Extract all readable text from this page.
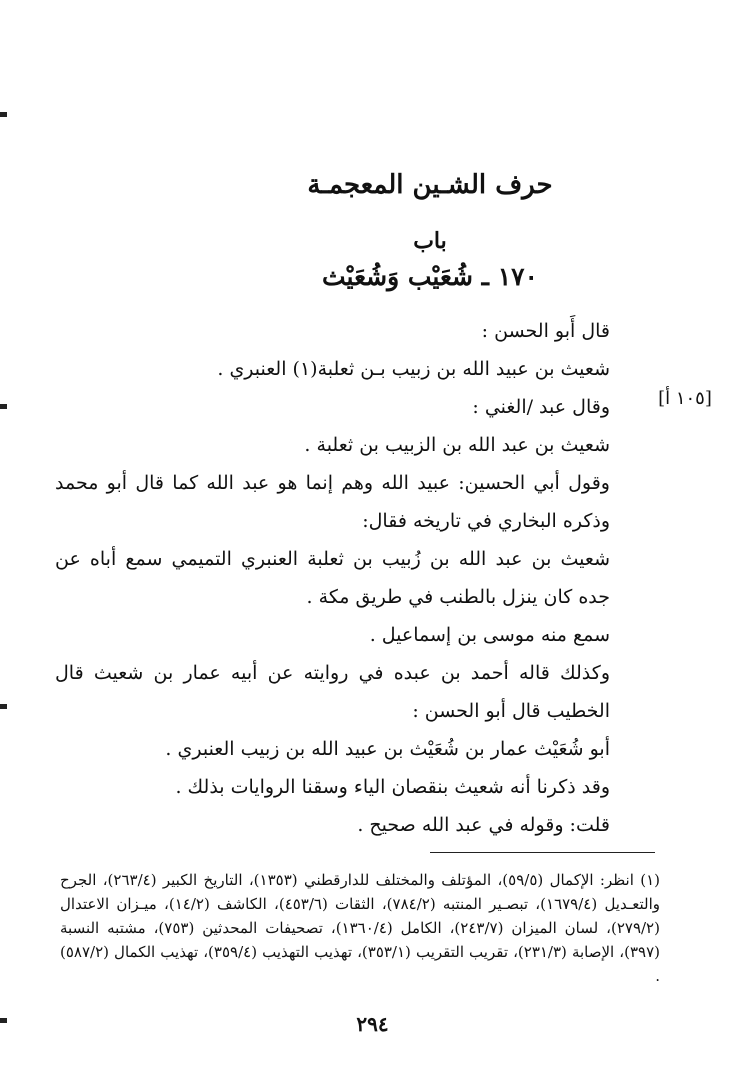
حرف الشـين المعجمـة
باب
١٧٠ ـ شُعَيْب وَشُعَيْث
[١٠٥ أ]

قال أَبو الحسن :

شعيث بن عبيد الله بن زبيب بـن ثعلبة(١) العنبري .

وقال عبد /الغني :

شعيث بن عبد الله بن الزبيب بن ثعلبة .

وقول أبي الحسين: عبيد الله وهم إنما هو عبد الله كما قال أبو محمد وذكره البخاري في تاريخه فقال:

شعيث بن عبد الله بن زُبيب بن ثعلبة العنبري التميمي سمع أباه عن جده كان ينزل بالطنب في طريق مكة .

سمع منه موسى بن إسماعيل .

وكذلك قاله أحمد بن عبده في روايته عن أبيه عمار بن شعيث قال الخطيب قال أبو الحسن :

أبو شُعَيْث عمار بن شُعَيْث بن عبيد الله بن زبيب العنبري .

وقد ذكرنا أنه شعيث بنقصان الياء وسقنا الروايات بذلك .

قلت: وقوله في عبد الله صحيح .

(١) انظر: الإكمال (٥٩/٥)، المؤتلف والمختلف للدارقطني (١٣٥٣)، التاريخ الكبير (٢٦٣/٤)، الجرح والتعـديل (١٦٧٩/٤)، تبصـير المنتبه (٧٨٤/٢)، الثقات (٤٥٣/٦)، الكاشف (١٤/٢)، ميـزان الاعتدال (٢٧٩/٢)، لسان الميزان (٢٤٣/٧)، الكامل (١٣٦٠/٤)، تصحيفات المحدثين (٧٥٣)، مشتبه النسبة (٣٩٧)، الإصابة (٢٣١/٣)، تقريب التقريب (٣٥٣/١)، تهذيب التهذيب (٣٥٩/٤)، تهذيب الكمال (٥٨٧/٢) .
٢٩٤
